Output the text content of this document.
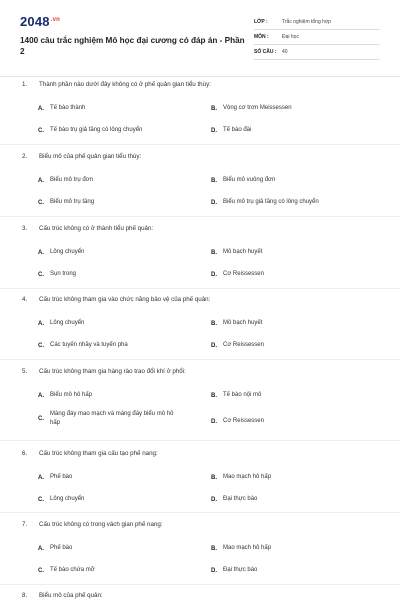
$2048^{.vn}$
1400 câu trắc nghiệm Mô học đại cương có đáp án - Phần 2
LỚP :	Trắc nghiệm tổng hợp
MÔN :	Đại học
SỐ CÂU :	40
1. Thành phần nào dưới đây không có ở phế quản gian tiểu thùy:
A.	Tế bào thành	B.	Vòng cơ trơn Meissessen
C.	Tế bào trụ giả tầng có lông chuyển	D.	Tế bào đài
2. Biểu mô của phế quản gian tiểu thùy:
A.	Biểu mô trụ đơn	B.	Biểu mô vuông đơn
C.	Biểu mô trụ tầng	D.	Biểu mô trụ giả tầng có lông chuyển
3. Cấu trúc không có ở thành tiểu phế quản:
A.	Lông chuyển	B.	Mô bạch huyết
C.	Sụn trong	D.	Cơ Reissessen
4. Cấu trúc không tham gia vào chức năng bảo vệ của phế quản:
A.	Lông chuyển	B.	Mô bạch huyết
C.	Các tuyến nhầy và tuyến pha	D.	Cơ Reissessen
5. Cấu trúc không tham gia hàng rào trao đổi khí ở phổi:
A.	Biểu mô hô hấp	B.	Tế bào nội mô
C.
Màng đáy mao mạch và màng đáy biểu mô hô hấp	D.	Cơ Reissessen
6. Cấu trúc không tham gia cấu tạo phế nang:
A.	Phế bào	B.	Mao mạch hô hấp
C.	Lông chuyển	D.	Đại thực bào
7. Cấu trúc không có trong vách gian phế nang:
A.	Phế bào	B.	Mao mạch hô hấp
C.	Tế bào chứa mỡ	D.	Đại thực bào
8. Biểu mô của phế quản:
